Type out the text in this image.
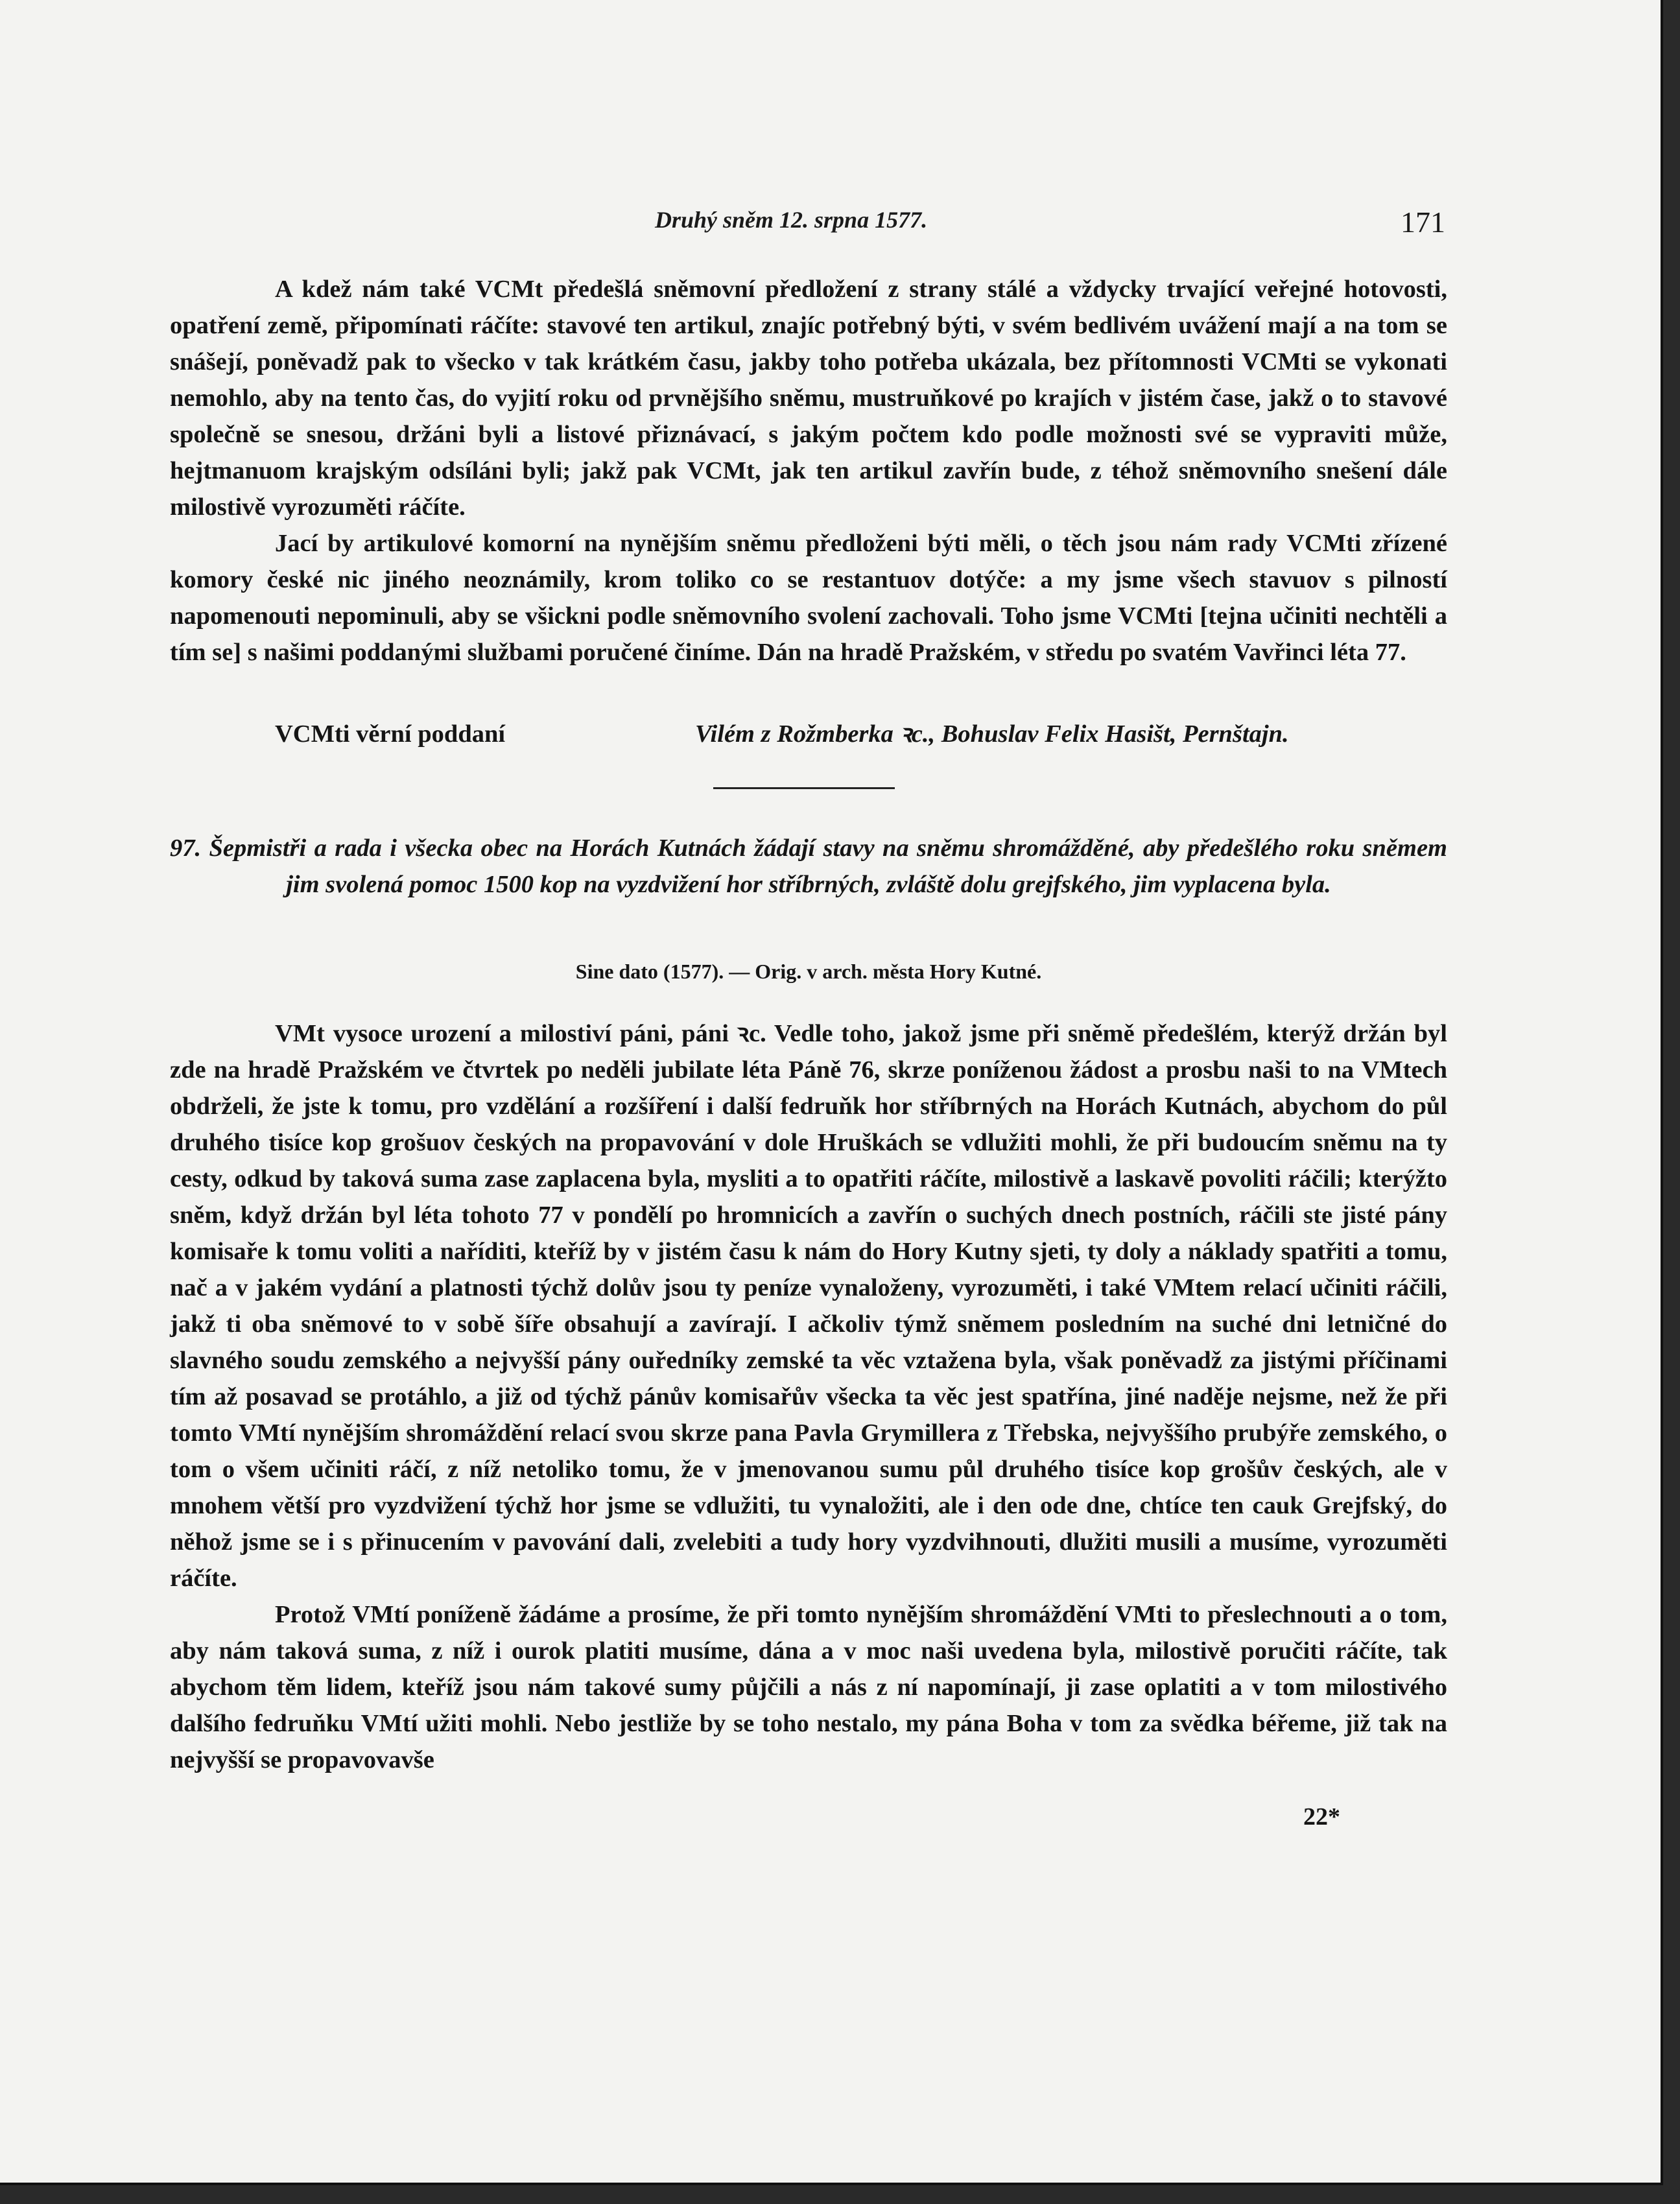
Druhý sněm 12. srpna 1577.	171

A kdež nám také VCMt předešlá sněmovní předložení z strany stálé a vždycky trvající veřejné hotovosti, opatření země, připomínati ráčíte: stavové ten artikul, znajíc potřebný býti, v svém bedlivém uvážení mají a na tom se snášejí, poněvadž pak to všecko v tak krátkém času, jakby toho potřeba ukázala, bez přítomnosti VCMti se vykonati nemohlo, aby na tento čas, do vyjití roku od prvnějšího sněmu, mustruňkové po krajích v jistém čase, jakž o to stavové společně se snesou, držáni byli a listové přiznávací, s jakým počtem kdo podle možnosti své se vypraviti může, hejtmanuom krajským odsíláni byli; jakž pak VCMt, jak ten artikul zavřín bude, z téhož sněmovního snešení dále milostivě vyrozuměti ráčíte.

Jací by artikulové komorní na nynějším sněmu předloženi býti měli, o těch jsou nám rady VCMti zřízené komory české nic jiného neoznámily, krom toliko co se restantuov dotýče: a my jsme všech stavuov s pilností napomenouti nepominuli, aby se všickni podle sněmovního svolení zachovali. Toho jsme VCMti [tejna učiniti nechtěli a tím se] s našimi poddanými službami poručené činíme. Dán na hradě Pražském, v středu po svatém Vavřinci léta 77.

VCMti věrní poddaní	Vilém z Rožmberka ꝛc., Bohuslav Felix Hasišt, Pernštajn.
97. Šepmistři a rada i všecka obec na Horách Kutnách žádají stavy na sněmu shromážděné, aby předešlého roku sněmem jim svolená pomoc 1500 kop na vyzdvižení hor stříbrných, zvláště dolu grejfského, jim vyplacena byla.
Sine dato (1577). — Orig. v arch. města Hory Kutné.

VMt vysoce urození a milostiví páni, páni ꝛc. Vedle toho, jakož jsme při sněmě předešlém, kterýž držán byl zde na hradě Pražském ve čtvrtek po neděli jubilate léta Páně 76, skrze poníženou žádost a prosbu naši to na VMtech obdrželi, že jste k tomu, pro vzdělání a rozšíření i další fedruňk hor stříbrných na Horách Kutnách, abychom do půl druhého tisíce kop grošuov českých na propavování v dole Hruškách se vdlužiti mohli, že při budoucím sněmu na ty cesty, odkud by taková suma zase zaplacena byla, mysliti a to opatřiti ráčíte, milostivě a laskavě povoliti ráčili; kterýžto sněm, když držán byl léta tohoto 77 v pondělí po hromnicích a zavřín o suchých dnech postních, ráčili ste jisté pány komisaře k tomu voliti a naříditi, kteříž by v jistém času k nám do Hory Kutny sjeti, ty doly a náklady spatřiti a tomu, nač a v jakém vydání a platnosti týchž dolův jsou ty peníze vynaloženy, vyrozuměti, i také VMtem relací učiniti ráčili, jakž ti oba sněmové to v sobě šíře obsahují a zavírají. I ačkoliv týmž sněmem posledním na suché dni letničné do slavného soudu zemského a nejvyšší pány ouředníky zemské ta věc vztažena byla, však poněvadž za jistými příčinami tím až posavad se protáhlo, a již od týchž pánův komisařův všecka ta věc jest spatřína, jiné naděje nejsme, než že při tomto VMtí nynějším shromáždění relací svou skrze pana Pavla Grymillera z Třebska, nejvyššího prubýře zemského, o tom o všem učiniti ráčí, z níž netoliko tomu, že v jmenovanou sumu půl druhého tisíce kop grošův českých, ale v mnohem větší pro vyzdvižení týchž hor jsme se vdlužiti, tu vynaložiti, ale i den ode dne, chtíce ten cauk Grejfský, do něhož jsme se i s přinucením v pavování dali, zvelebiti a tudy hory vyzdvihnouti, dlužiti musili a musíme, vyrozuměti ráčíte.

Protož VMtí poníženě žádáme a prosíme, že při tomto nynějším shromáždění VMti to přeslechnouti a o tom, aby nám taková suma, z níž i ourok platiti musíme, dána a v moc naši uvedena byla, milostivě poručiti ráčíte, tak abychom těm lidem, kteříž jsou nám takové sumy půjčili a nás z ní napomínají, ji zase oplatiti a v tom milostivého dalšího fedruňku VMtí užiti mohli. Nebo jestliže by se toho nestalo, my pána Boha v tom za svědka béřeme, již tak na nejvyšší se propavovavše

22*
